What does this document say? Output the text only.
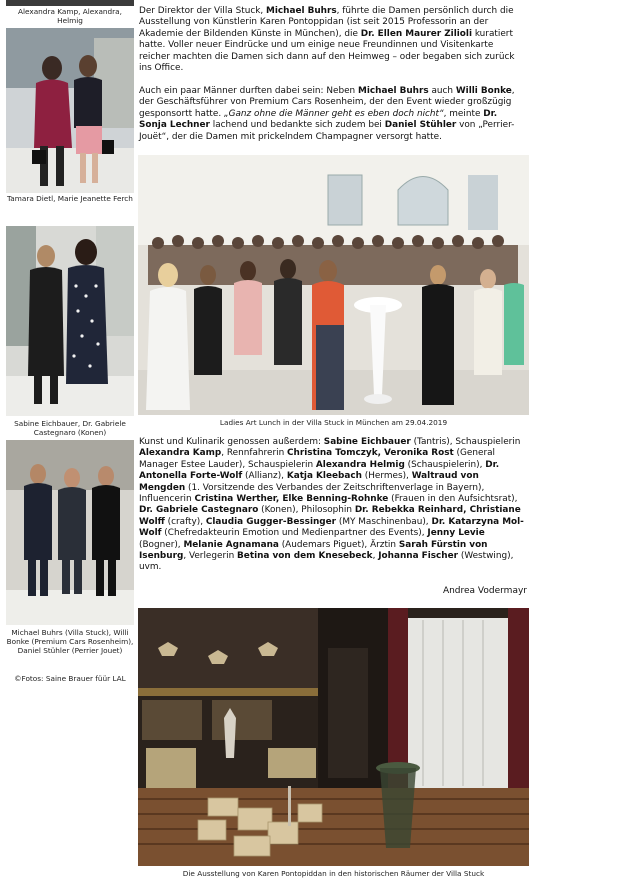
Alexandra Kamp, Alexandra, Helmig
Tamara Dietl, Marie Jeanette Ferch
Sabine Eichbauer, Dr. Gabriele Castegnaro (Konen)
Michael Buhrs (Villa Stuck), Willi Bonke (Premium Cars Rosenheim), Daniel Stühler (Perrier Jouet)
©Fotos: Saine Brauer füür LAL

Der Direktor der Villa Stuck, Michael Buhrs, führte die Damen persönlich durch die Ausstellung von Künstlerin Karen Pontoppidan (ist seit 2015 Professorin an der Akademie der Bildenden Künste in München), die Dr. Ellen Maurer Zilioli kuratiert hatte. Voller neuer Eindrücke und um einige neue Freundinnen und Visitenkarte reicher machten die Damen sich dann auf den Heimweg – oder begaben sich zurück ins Office.

Auch ein paar Männer durften dabei sein: Neben Michael Buhrs auch Willi Bonke, der Geschäftsführer von Premium Cars Rosenheim, der den Event wieder großzügig gesponsortt hatte. „Ganz ohne die Männer geht es eben doch nicht“, meinte Dr. Sonja Lechner lachend und bedankte sich zudem bei Daniel Stühler von „Perrier-Jouët“, der die Damen mit prickelndem Champagner versorgt hatte.

Ladies Art Lunch in der Villa Stuck in München am 29.04.2019

Kunst und Kulinarik genossen außerdem: Sabine Eichbauer (Tantris), Schauspielerin Alexandra Kamp, Rennfahrerin Christina Tomczyk, Veronika Rost (General Manager Estee Lauder), Schauspielerin Alexandra Helmig (Schauspielerin), Dr. Antonella Forte-Wolf (Allianz), Katja Kleebach (Hermes), Waltraud von Mengden (1. Vorsitzende des Verbandes der Zeitschriftenverlage in Bayern), Influencerin Cristina Werther, Elke Benning-Rohnke (Frauen in den Aufsichtsrat), Dr. Gabriele Castegnaro (Konen), Philosophin Dr. Rebekka Reinhard, Christiane Wolff (crafty), Claudia Gugger-Bessinger (MY Maschinenbau), Dr. Katarzyna Mol-Wolf (Chefredakteurin Emotion und Medienpartner des Events), Jenny Levie (Bogner), Melanie Agnamana (Audemars Piguet), Ärztin Sarah Fürstin von Isenburg, Verlegerin Betina von dem Knesebeck, Johanna Fischer (Westwing), uvm.

Andrea Vodermayr
Die Ausstellung von Karen Pontopiddan in den historischen Räumer der Villa Stuck
